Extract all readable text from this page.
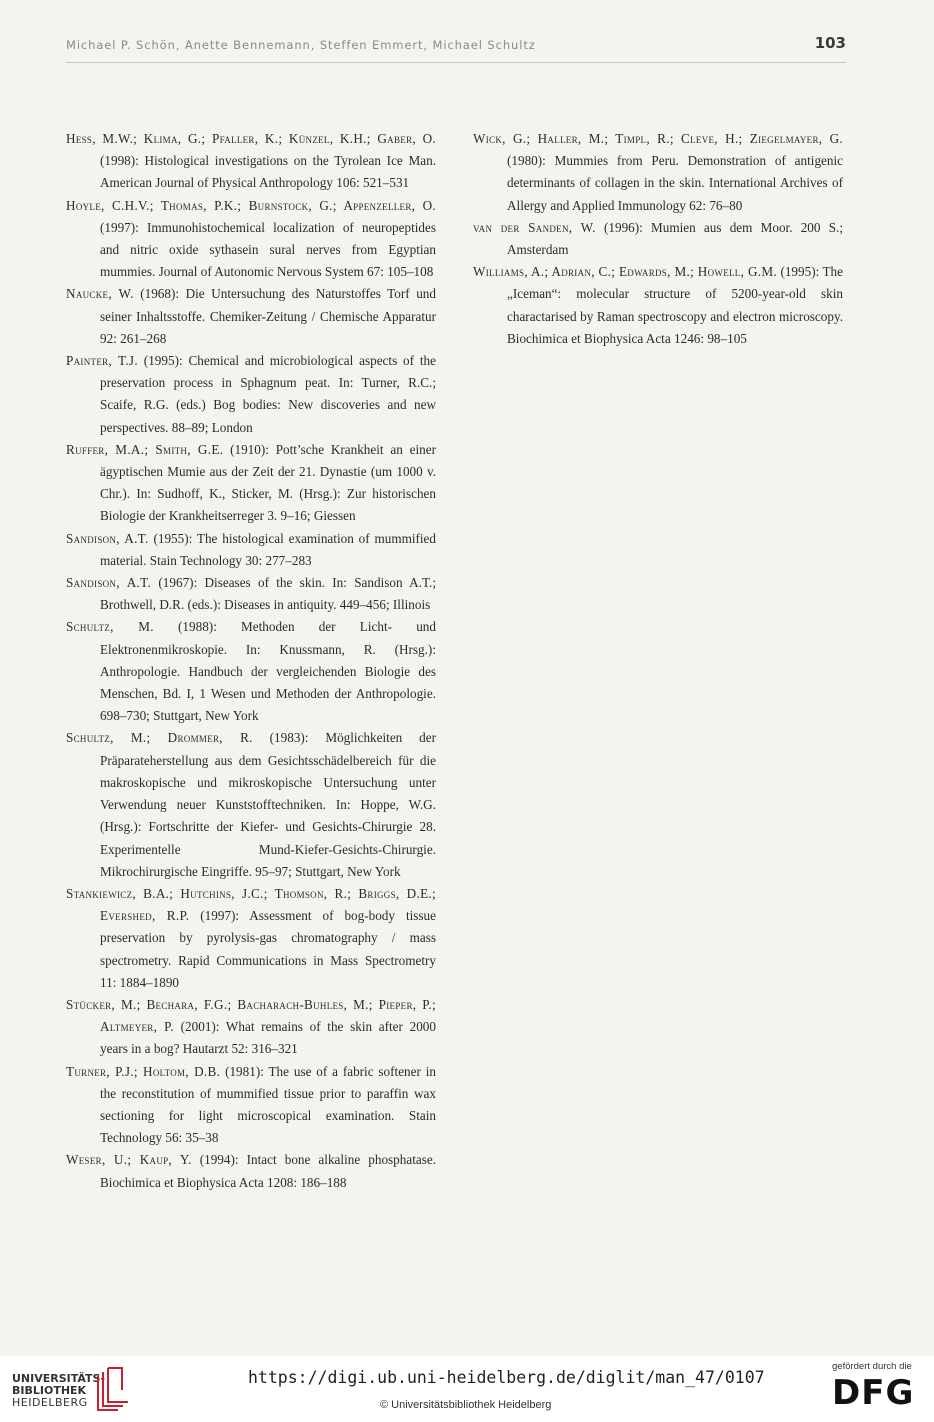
Michael P. Schön, Anette Bennemann, Steffen Emmert, Michael Schultz	103

Hess, M.W.; Klima, G.; Pfaller, K.; Künzel, K.H.; Gaber, O. (1998): Histological investigations on the Tyrolean Ice Man. American Journal of Physical Anthropology 106: 521–531

Hoyle, C.H.V.; Thomas, P.K.; Burnstock, G.; Appenzeller, O. (1997): Immunohistochemical localization of neuropeptides and nitric oxide sythasein sural nerves from Egyptian mummies. Journal of Autonomic Nervous System 67: 105–108

Naucke, W. (1968): Die Untersuchung des Naturstoffes Torf und seiner Inhaltsstoffe. Chemiker-Zeitung / Chemische Apparatur 92: 261–268

Painter, T.J. (1995): Chemical and microbiological aspects of the preservation process in Sphagnum peat. In: Turner, R.C.; Scaife, R.G. (eds.) Bog bodies: New discoveries and new perspectives. 88–89; London

Ruffer, M.A.; Smith, G.E. (1910): Pott’sche Krankheit an einer ägyptischen Mumie aus der Zeit der 21. Dynastie (um 1000 v. Chr.). In: Sudhoff, K., Sticker, M. (Hrsg.): Zur historischen Biologie der Krankheitserreger 3. 9–16; Giessen

Sandison, A.T. (1955): The histological examination of mummified material. Stain Technology 30: 277–283

Sandison, A.T. (1967): Diseases of the skin. In: Sandison A.T.; Brothwell, D.R. (eds.): Diseases in antiquity. 449–456; Illinois

Schultz, M. (1988): Methoden der Licht- und Elektronenmikroskopie. In: Knussmann, R. (Hrsg.): Anthropologie. Handbuch der vergleichenden Biologie des Menschen, Bd. I, 1 Wesen und Methoden der Anthropologie. 698–730; Stuttgart, New York

Schultz, M.; Drommer, R. (1983): Möglichkeiten der Präparateherstellung aus dem Gesichtsschädelbereich für die makroskopische und mikroskopische Untersuchung unter Verwendung neuer Kunststofftechniken. In: Hoppe, W.G. (Hrsg.): Fortschritte der Kiefer- und Gesichts-Chirurgie 28. Experimentelle Mund-Kiefer-Gesichts-Chirurgie. Mikrochirurgische Eingriffe. 95–97; Stuttgart, New York

Stankiewicz, B.A.; Hutchins, J.C.; Thomson, R.; Briggs, D.E.; Evershed, R.P. (1997): Assessment of bog-body tissue preservation by pyrolysis-gas chromatography / mass spectrometry. Rapid Communications in Mass Spectrometry 11: 1884–1890

Stücker, M.; Bechara, F.G.; Bacharach-Buhles, M.; Pieper, P.; Altmeyer, P. (2001): What remains of the skin after 2000 years in a bog? Hautarzt 52: 316–321

Turner, P.J.; Holtom, D.B. (1981): The use of a fabric softener in the reconstitution of mummified tissue prior to paraffin wax sectioning for light microscopical examination. Stain Technology 56: 35–38

Weser, U.; Kaup, Y. (1994): Intact bone alkaline phosphatase. Biochimica et Biophysica Acta 1208: 186–188

Wick, G.; Haller, M.; Timpl, R.; Cleve, H.; Ziegelmayer, G. (1980): Mummies from Peru. Demonstration of antigenic determinants of collagen in the skin. International Archives of Allergy and Applied Immunology 62: 76–80

van der Sanden, W. (1996): Mumien aus dem Moor. 200 S.; Amsterdam

Williams, A.; Adrian, C.; Edwards, M.; Howell, G.M. (1995): The „Iceman“: molecular structure of 5200-year-old skin charactarised by Raman spectroscopy and electron microscopy. Biochimica et Biophysica Acta 1246: 98–105

UNIVERSITÄTS-
BIBLIOTHEK
HEIDELBERG
https://digi.ub.uni-heidelberg.de/diglit/man_47/0107
© Universitätsbibliothek Heidelberg
gefördert durch die
DFG
